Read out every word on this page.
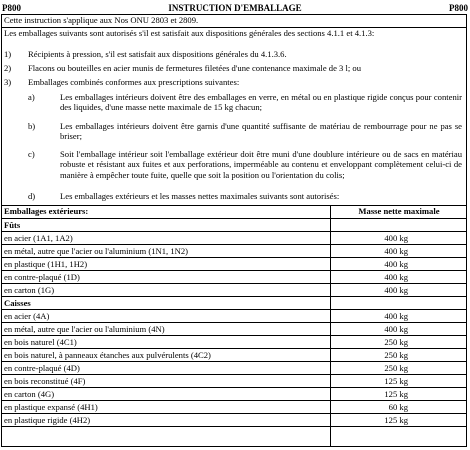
P800	INSTRUCTION D'EMBALLAGE	P800
Cette instruction s'applique aux Nos ONU 2803 et 2809.
Les emballages suivants sont autorisés s'il est satisfait aux dispositions générales des sections 4.1.1 et 4.1.3:
1) Récipients à pression, s'il est satisfait aux dispositions générales du 4.1.3.6.
2) Flacons ou bouteilles en acier munis de fermetures filetées d'une contenance maximale de 3 l; ou
3) Emballages combinés conformes aux prescriptions suivantes:
a)	Les emballages intérieurs doivent être des emballages en verre, en métal ou en plastique rigide conçus pour contenir des liquides, d'une masse nette maximale de 15 kg chacun;
b)	Les emballages intérieurs doivent être garnis d'une quantité suffisante de matériau de rembourrage pour ne pas se briser;
c)	Soit l'emballage intérieur soit l'emballage extérieur doit être muni d'une doublure intérieure ou de sacs en matériau robuste et résistant aux fuites et aux perforations, imperméable au contenu et enveloppant complètement celui-ci de manière à empêcher toute fuite, quelle que soit la position ou l'orientation du colis;
d)	Les emballages extérieurs et les masses nettes maximales suivants sont autorisés:
Emballages extérieurs:	Masse nette maximale
Fûts
en acier (1A1, 1A2)	400 kg
en métal, autre que l'acier ou l'aluminium (1N1, 1N2)	400 kg
en plastique (1H1, 1H2)	400 kg
en contre-plaqué (1D)	400 kg
en carton (1G)	400 kg
Caisses
en acier (4A)	400 kg
en métal, autre que l'acier ou l'aluminium (4N)	400 kg
en bois naturel (4C1)	250 kg
en bois naturel, à panneaux étanches aux pulvérulents (4C2)	250 kg
en contre-plaqué (4D)	250 kg
en bois reconstitué (4F)	125 kg
en carton (4G)	125 kg
en plastique expansé (4H1)	60 kg
en plastique rigide (4H2)	125 kg
